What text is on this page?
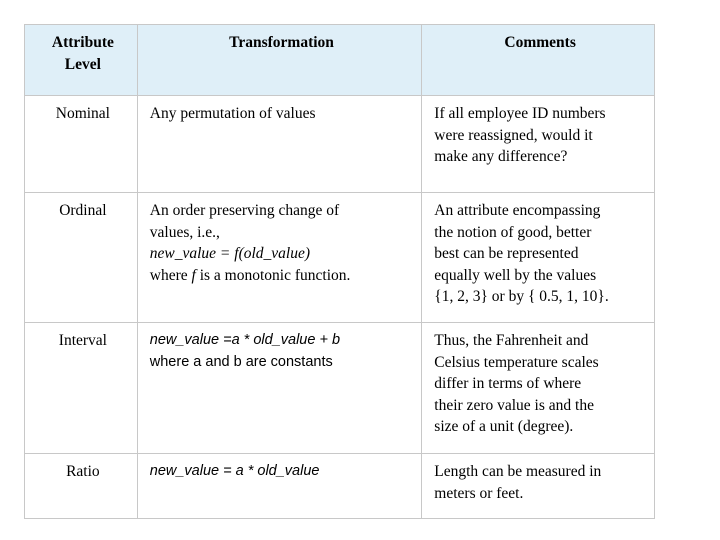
Attribute
Level	Transformation	Comments
Nominal	Any permutation of values	If all employee ID numbers
were reassigned, would it
make any difference?

Ordinal	An order preserving change of
values, i.e.,
new_value = f(old_value)
where f is a monotonic function.	An attribute encompassing
the notion of good, better
best can be represented
equally well by the values
{1, 2, 3} or by { 0.5, 1, 10}.

Interval	new_value =a * old_value + b
where a and b are constants	Thus, the Fahrenheit and
Celsius temperature scales
differ in terms of where
their zero value is and the
size of a unit (degree).

Ratio	new_value = a * old_value	Length can be measured in
meters or feet.
